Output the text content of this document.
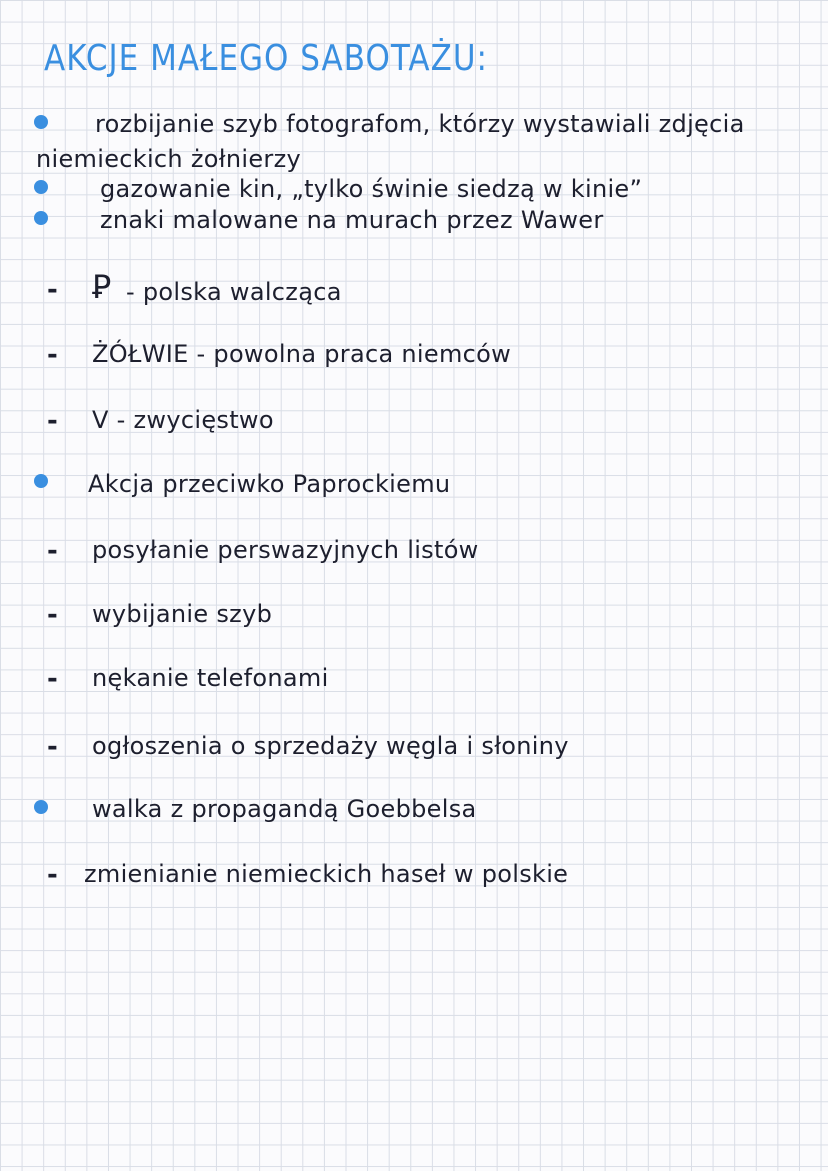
AKCJE MAŁEGO SABOTAŻU:
rozbijanie szyb fotografom, którzy wystawiali zdjęcia
niemieckich żołnierzy
gazowanie kin, „tylko świnie siedzą w kinie”
znaki malowane na murach przez Wawer
- Ꝑ - polska walcząca
- ŻÓŁWIE - powolna praca niemców
- V - zwycięstwo
Akcja przeciwko Paprockiemu
- posyłanie perswazyjnych listów
- wybijanie szyb
- nękanie telefonami
- ogłoszenia o sprzedaży węgla i słoniny
walka z propagandą Goebbelsa
- zmienianie niemieckich haseł w polskie
